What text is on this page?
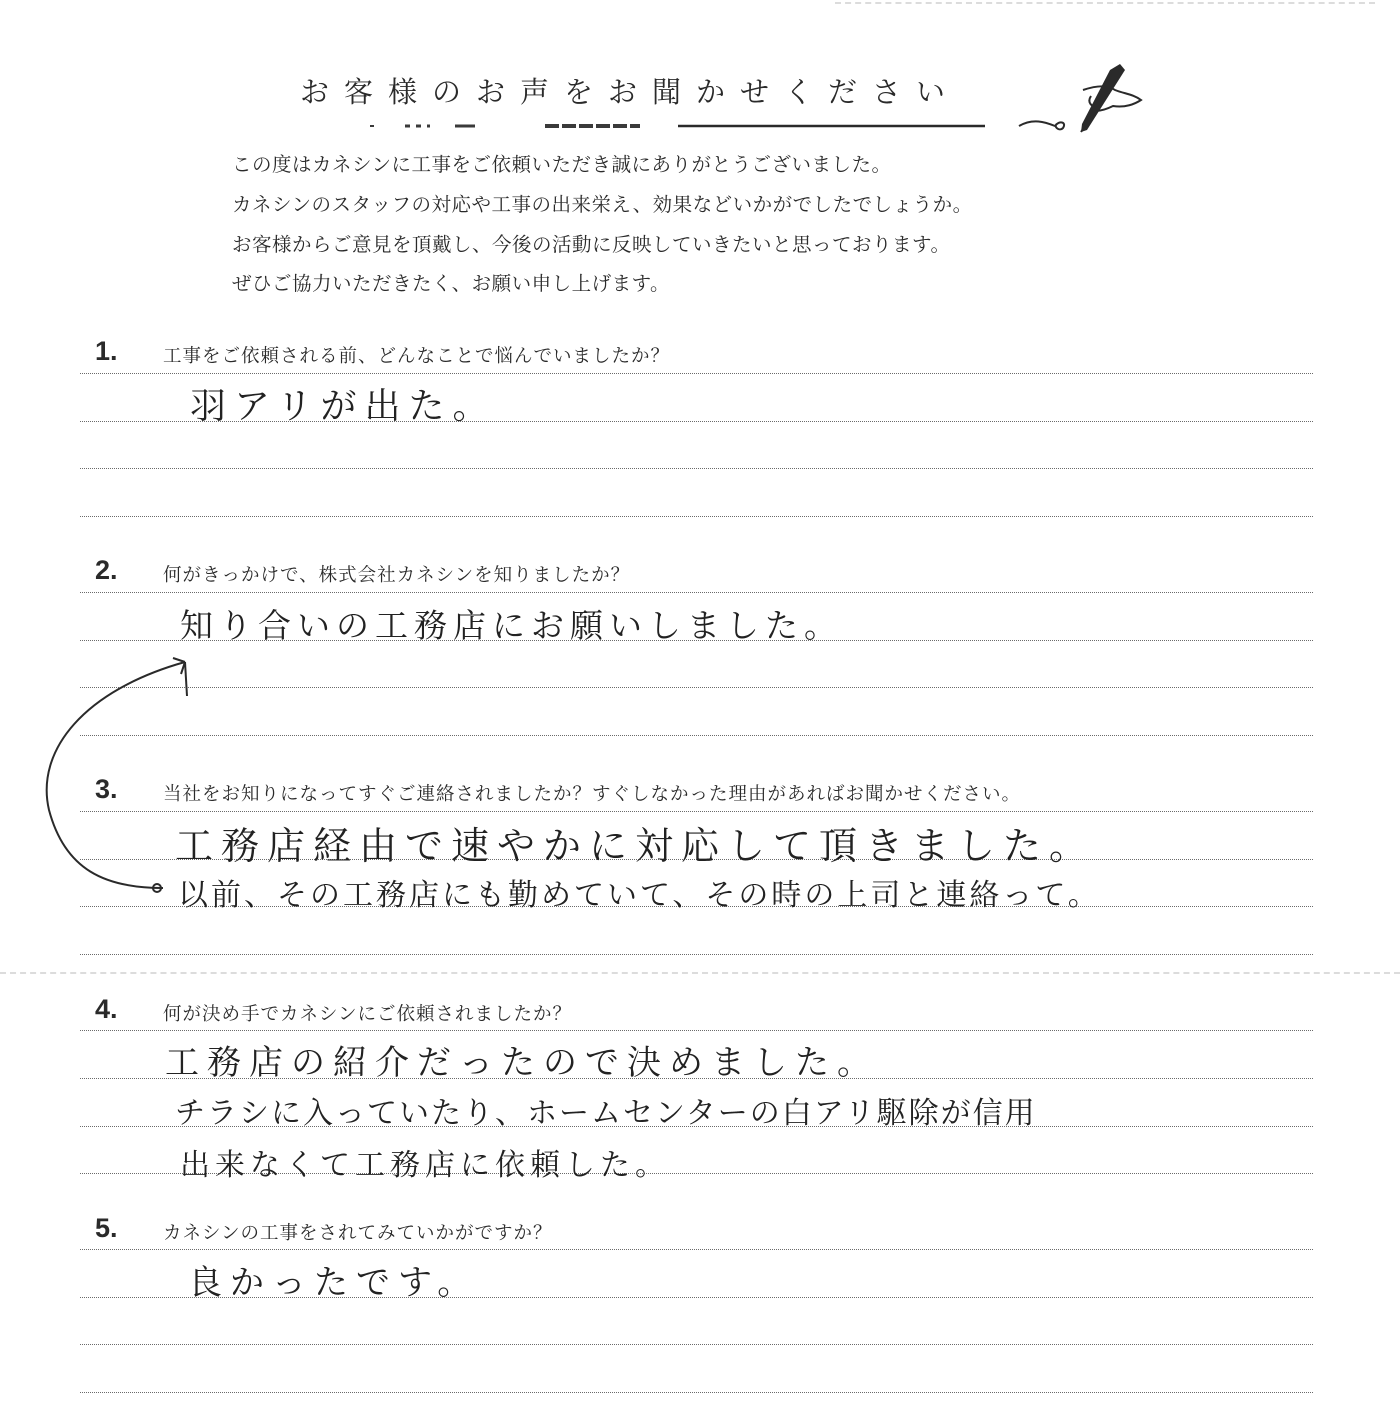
お客様のお声をお聞かせください
この度はカネシンに工事をご依頼いただき誠にありがとうございました。
カネシンのスタッフの対応や工事の出来栄え、効果などいかがでしたでしょうか。
お客様からご意見を頂戴し、今後の活動に反映していきたいと思っております。
ぜひご協力いただきたく、お願い申し上げます。
1. 工事をご依頼される前、どんなことで悩んでいましたか？
羽アリが出た。
2. 何がきっかけで、株式会社カネシンを知りましたか？
知り合いの工務店にお願いしました。
3. 当社をお知りになってすぐご連絡されましたか？すぐしなかった理由があればお聞かせください。
工務店経由で速やかに対応して頂きました。
以前、その工務店にも勤めていて、その時の上司と連絡って。
4. 何が決め手でカネシンにご依頼されましたか？
工務店の紹介だったので決めました。
チラシに入っていたり、ホームセンターの白アリ駆除が信用
出来なくて工務店に依頼した。
5. カネシンの工事をされてみていかがですか？
良かったです。
